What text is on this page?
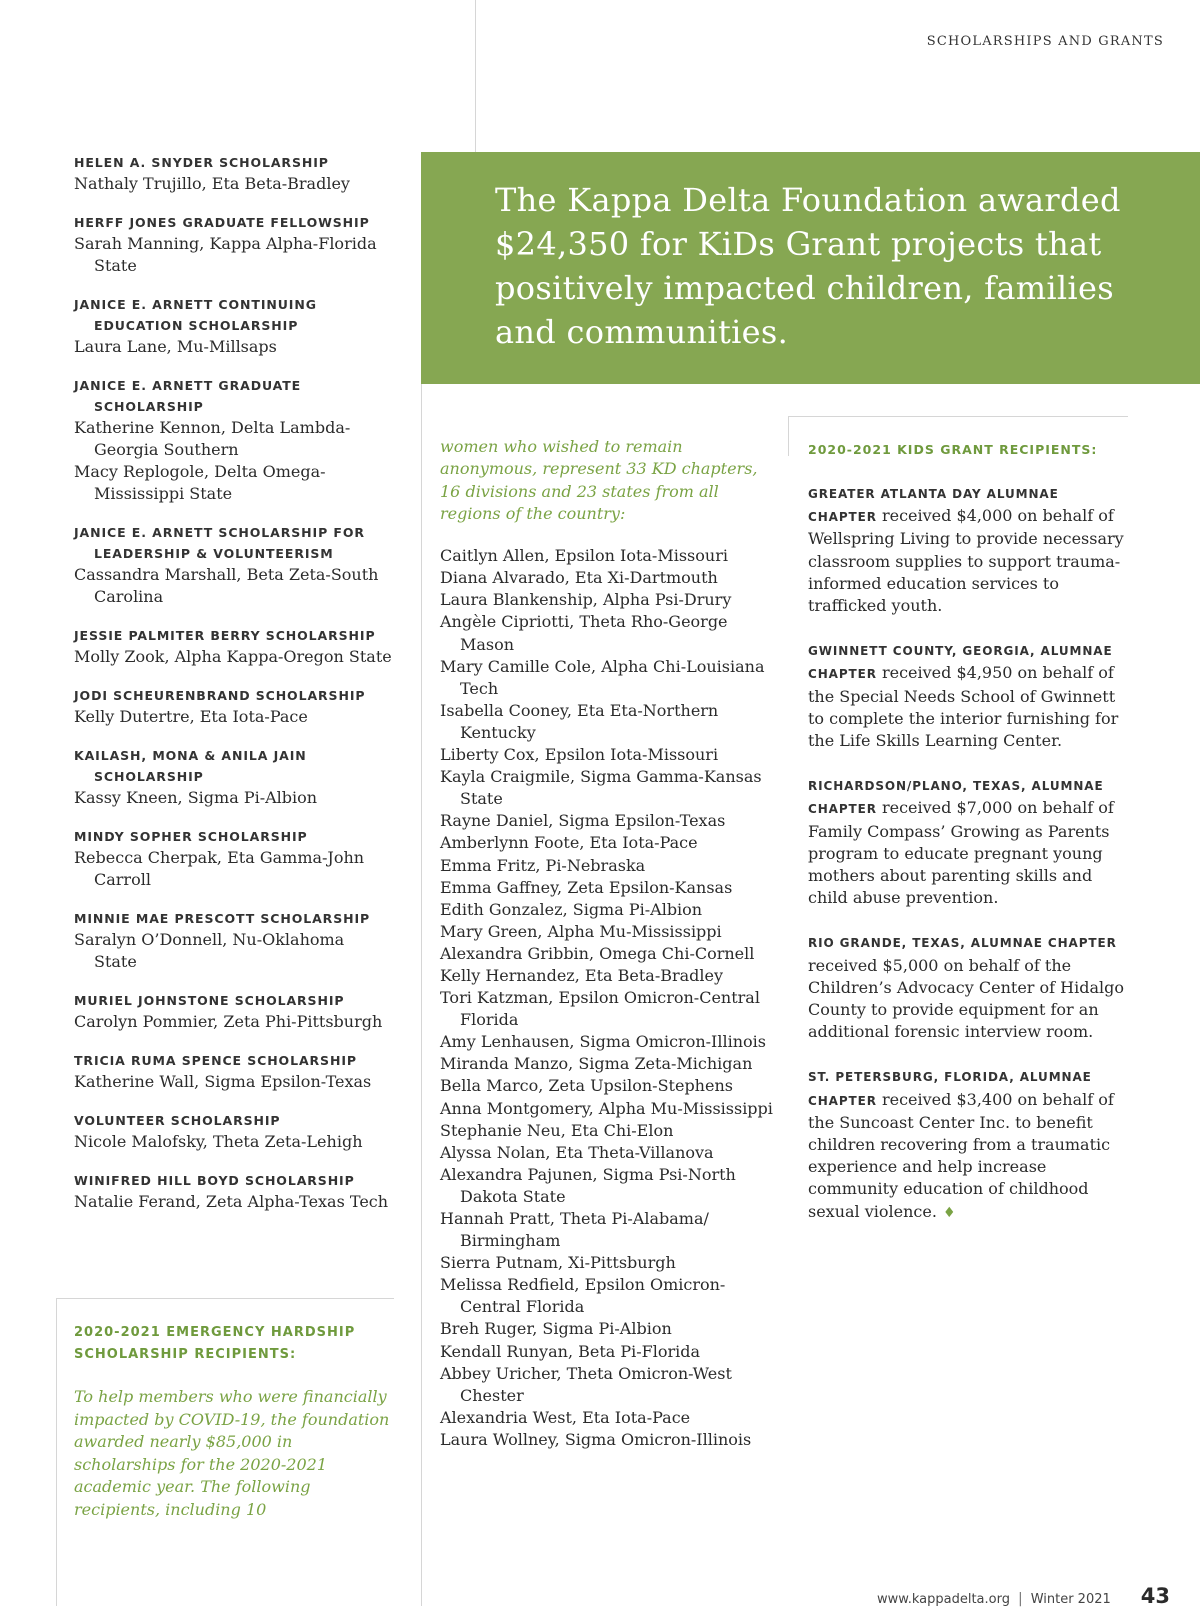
SCHOLARSHIPS AND GRANTS
HELEN A. SNYDER SCHOLARSHIP
Nathaly Trujillo, Eta Beta-Bradley
HERFF JONES GRADUATE FELLOWSHIP
Sarah Manning, Kappa Alpha-Florida State
JANICE E. ARNETT CONTINUING EDUCATION SCHOLARSHIP
Laura Lane, Mu-Millsaps
JANICE E. ARNETT GRADUATE SCHOLARSHIP
Katherine Kennon, Delta Lambda-Georgia Southern
Macy Replogole, Delta Omega-Mississippi State
JANICE E. ARNETT SCHOLARSHIP FOR LEADERSHIP & VOLUNTEERISM
Cassandra Marshall, Beta Zeta-South Carolina
JESSIE PALMITER BERRY SCHOLARSHIP
Molly Zook, Alpha Kappa-Oregon State
JODI SCHEURENBRAND SCHOLARSHIP
Kelly Dutertre, Eta Iota-Pace
KAILASH, MONA & ANILA JAIN SCHOLARSHIP
Kassy Kneen, Sigma Pi-Albion
MINDY SOPHER SCHOLARSHIP
Rebecca Cherpak, Eta Gamma-John Carroll
MINNIE MAE PRESCOTT SCHOLARSHIP
Saralyn O’Donnell, Nu-Oklahoma State
MURIEL JOHNSTONE SCHOLARSHIP
Carolyn Pommier, Zeta Phi-Pittsburgh
TRICIA RUMA SPENCE SCHOLARSHIP
Katherine Wall, Sigma Epsilon-Texas
VOLUNTEER SCHOLARSHIP
Nicole Malofsky, Theta Zeta-Lehigh
WINIFRED HILL BOYD SCHOLARSHIP
Natalie Ferand, Zeta Alpha-Texas Tech
2020-2021 EMERGENCY HARDSHIP SCHOLARSHIP RECIPIENTS:
To help members who were financially impacted by COVID-19, the foundation awarded nearly $85,000 in scholarships for the 2020-2021 academic year. The following recipients, including 10
The Kappa Delta Foundation awarded $24,350 for KiDs Grant projects that positively impacted children, families and communities.
women who wished to remain anonymous, represent 33 KD chapters, 16 divisions and 23 states from all regions of the country:
Caitlyn Allen, Epsilon Iota-Missouri
Diana Alvarado, Eta Xi-Dartmouth
Laura Blankenship, Alpha Psi-Drury
Angèle Cipriotti, Theta Rho-George Mason
Mary Camille Cole, Alpha Chi-Louisiana Tech
Isabella Cooney, Eta Eta-Northern Kentucky
Liberty Cox, Epsilon Iota-Missouri
Kayla Craigmile, Sigma Gamma-Kansas State
Rayne Daniel, Sigma Epsilon-Texas
Amberlynn Foote, Eta Iota-Pace
Emma Fritz, Pi-Nebraska
Emma Gaffney, Zeta Epsilon-Kansas
Edith Gonzalez, Sigma Pi-Albion
Mary Green, Alpha Mu-Mississippi
Alexandra Gribbin, Omega Chi-Cornell
Kelly Hernandez, Eta Beta-Bradley
Tori Katzman, Epsilon Omicron-Central Florida
Amy Lenhausen, Sigma Omicron-Illinois
Miranda Manzo, Sigma Zeta-Michigan
Bella Marco, Zeta Upsilon-Stephens
Anna Montgomery, Alpha Mu-Mississippi
Stephanie Neu, Eta Chi-Elon
Alyssa Nolan, Eta Theta-Villanova
Alexandra Pajunen, Sigma Psi-North Dakota State
Hannah Pratt, Theta Pi-Alabama/ Birmingham
Sierra Putnam, Xi-Pittsburgh
Melissa Redfield, Epsilon Omicron-Central Florida
Breh Ruger, Sigma Pi-Albion
Kendall Runyan, Beta Pi-Florida
Abbey Uricher, Theta Omicron-West Chester
Alexandria West, Eta Iota-Pace
Laura Wollney, Sigma Omicron-Illinois
2020-2021 KIDS GRANT RECIPIENTS:
GREATER ATLANTA DAY ALUMNAE CHAPTER received $4,000 on behalf of Wellspring Living to provide necessary classroom supplies to support trauma-informed education services to trafficked youth.
GWINNETT COUNTY, GEORGIA, ALUMNAE CHAPTER received $4,950 on behalf of the Special Needs School of Gwinnett to complete the interior furnishing for the Life Skills Learning Center.
RICHARDSON/PLANO, TEXAS, ALUMNAE CHAPTER received $7,000 on behalf of Family Compass’ Growing as Parents program to educate pregnant young mothers about parenting skills and child abuse prevention.
RIO GRANDE, TEXAS, ALUMNAE CHAPTER received $5,000 on behalf of the Children’s Advocacy Center of Hidalgo County to provide equipment for an additional forensic interview room.
ST. PETERSBURG, FLORIDA, ALUMNAE CHAPTER received $3,400 on behalf of the Suncoast Center Inc. to benefit children recovering from a traumatic experience and help increase community education of childhood sexual violence. ♦
www.kappadelta.org | Winter 2021 43
